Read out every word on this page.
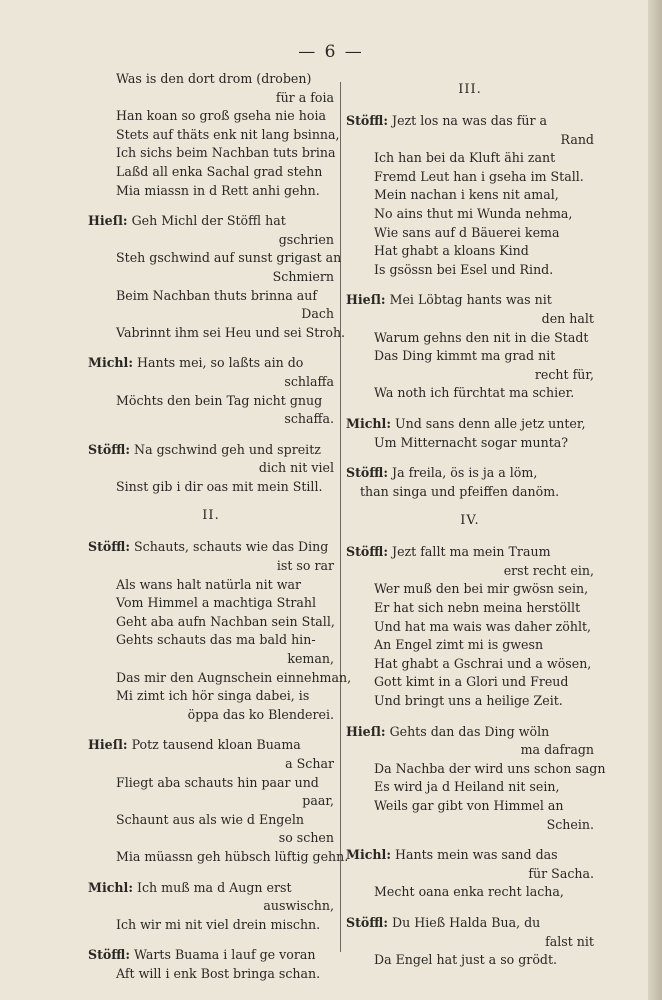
— 6 —
Was is den dort drom (droben)
für a foia
Han koan so groß gseha nie hoia
Stets auf thäts enk nit lang bsinna,
Ich sichs beim Nachban tuts brina
Laßd all enka Sachal grad stehn
Mia miassn in d Rett anhi gehn.
Hieſl: Geh Michl der Stöffl hat
gschrien
Steh gschwind auf sunst grigast an
Schmiern
Beim Nachban thuts brinna auf
Dach
Vabrinnt ihm sei Heu und sei Stroh.
Michl: Hants mei, so laßts ain do
schlaffa
Möchts den bein Tag nicht gnug
schaffa.
Stöffl: Na gschwind geh und spreitz
dich nit viel
Sinst gib i dir oas mit mein Still.
II.
Stöffl: Schauts, schauts wie das Ding
ist so rar
Als wans halt natürla nit war
Vom Himmel a machtiga Strahl
Geht aba aufn Nachban sein Stall,
Gehts schauts das ma bald hin-
keman,
Das mir den Augnschein einnehman,
Mi zimt ich hör singa dabei, is
öppa das ko Blenderei.
Hieſl: Potz tausend kloan Buama
a Schar
Fliegt aba schauts hin paar und
paar,
Schaunt aus als wie d Engeln
so schen
Mia müassn geh hübsch lüftig gehn.
Michl: Ich muß ma d Augn erst
auswischn,
Ich wir mi nit viel drein mischn.
Stöffl: Warts Buama i lauf ge voran
Aft will i enk Bost bringa schan.
III.
Stöffl: Jezt los na was das für a
Rand
Ich han bei da Kluft ähi zant
Fremd Leut han i gseha im Stall.
Mein nachan i kens nit amal,
No ains thut mi Wunda nehma,
Wie sans auf d Bäuerei kema
Hat ghabt a kloans Kind
Is gsössn bei Esel und Rind.
Hieſl: Mei Löbtag hants was nit
den halt
Warum gehns den nit in die Stadt
Das Ding kimmt ma grad nit
recht für,
Wa noth ich fürchtat ma schier.
Michl: Und sans denn alle jetz unter,
Um Mitternacht sogar munta?
Stöffl: Ja freila, ös is ja a löm,
than singa und pfeiffen danöm.
IV.
Stöffl: Jezt fallt ma mein Traum
erst recht ein,
Wer muß den bei mir gwösn sein,
Er hat sich nebn meina herstöllt
Und hat ma wais was daher zöhlt,
An Engel zimt mi is gwesn
Hat ghabt a Gschrai und a wösen,
Gott kimt in a Glori und Freud
Und bringt uns a heilige Zeit.
Hieſl: Gehts dan das Ding wöln
ma dafragn
Da Nachba der wird uns schon sagn
Es wird ja d Heiland nit sein,
Weils gar gibt von Himmel an
Schein.
Michl: Hants mein was sand das
für Sacha.
Mecht oana enka recht lacha,
Stöffl: Du Hieß Halda Bua, du
falst nit
Da Engel hat just a so grödt.
